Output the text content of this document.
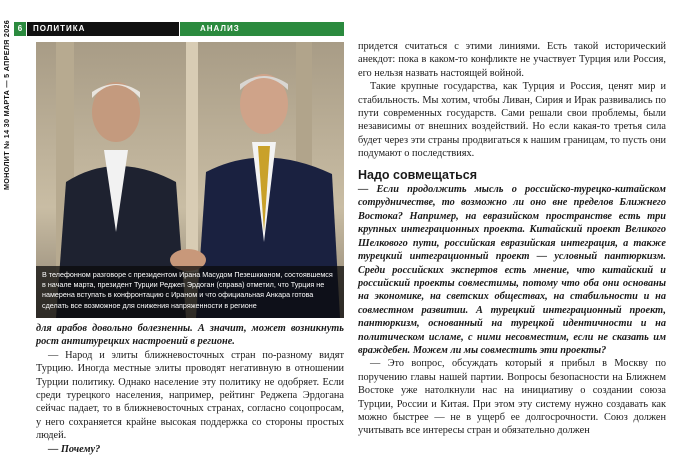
МОНОЛИТ № 14 30 МАРТА — 5 АПРЕЛЯ 2026 6	ПОЛИТИКА	АНАЛИЗ
В телефонном разговоре с президентом Ирана Масудом Пезешкианом, состоявшемся в начале марта, президент Турции Реджеп Эрдоган (справа) отметил, что Турция не намерена вступать в конфронтацию с Ираном и что официальная Анкара готова сделать все возможное для снижения напряженности в регионе

для арабов довольно болезненны. А значит, может возникнуть рост антитурецких настроений в регионе.

— Народ и элиты ближневосточных стран по-разному видят Турцию. Иногда местные элиты проводят негативную в отношении Турции политику. Однако население эту политику не одобряет. Если среди турецкого населения, например, рейтинг Реджепа Эрдогана сейчас падает, то в ближневосточных странах, согласно соцопросам, у него сохраняется крайне высокая поддержка со стороны простых людей.

— Почему?

придется считаться с этими линиями. Есть такой исторический анекдот: пока в каком-то конфликте не участвует Турция или Россия, его нельзя назвать настоящей войной.

Такие крупные государства, как Турция и Россия, ценят мир и стабильность. Мы хотим, чтобы Ливан, Сирия и Ирак развивались по пути современных государств. Сами решали свои проблемы, были независимы от внешних воздействий. Но если какая-то третья сила будет через эти страны продвигаться к нашим границам, то пусть они подумают о последствиях.

Надо совмещаться

— Если продолжить мысль о российско-турецко-китайском сотрудничестве, то возможно ли оно вне пределов Ближнего Востока? Например, на евразийском пространстве есть три крупных интеграционных проекта. Китайский проект Великого Шелкового пути, российская евразийская интеграция, а также турецкий интеграционный проект — условный пантюркизм. Среди российских экспертов есть мнение, что китайский и российский проекты совместимы, потому что оба они основаны на экономике, на светских обществах, на стабильности и на совместном развитии. А турецкий интеграционный проект, пантюркизм, основанный на турецкой идентичности и на политическом исламе, с ними несовместим, если не сказать им враждебен. Можем ли мы совместить эти проекты?

— Это вопрос, обсуждать который я прибыл в Москву по поручению главы нашей партии. Вопросы безопасности на Ближнем Востоке уже натолкнули нас на инициативу о создании союза Турции, России и Китая. При этом эту систему нужно создавать как можно быстрее — не в ущерб ее долгосрочности. Союз должен учитывать все интересы стран и обязательно должен
